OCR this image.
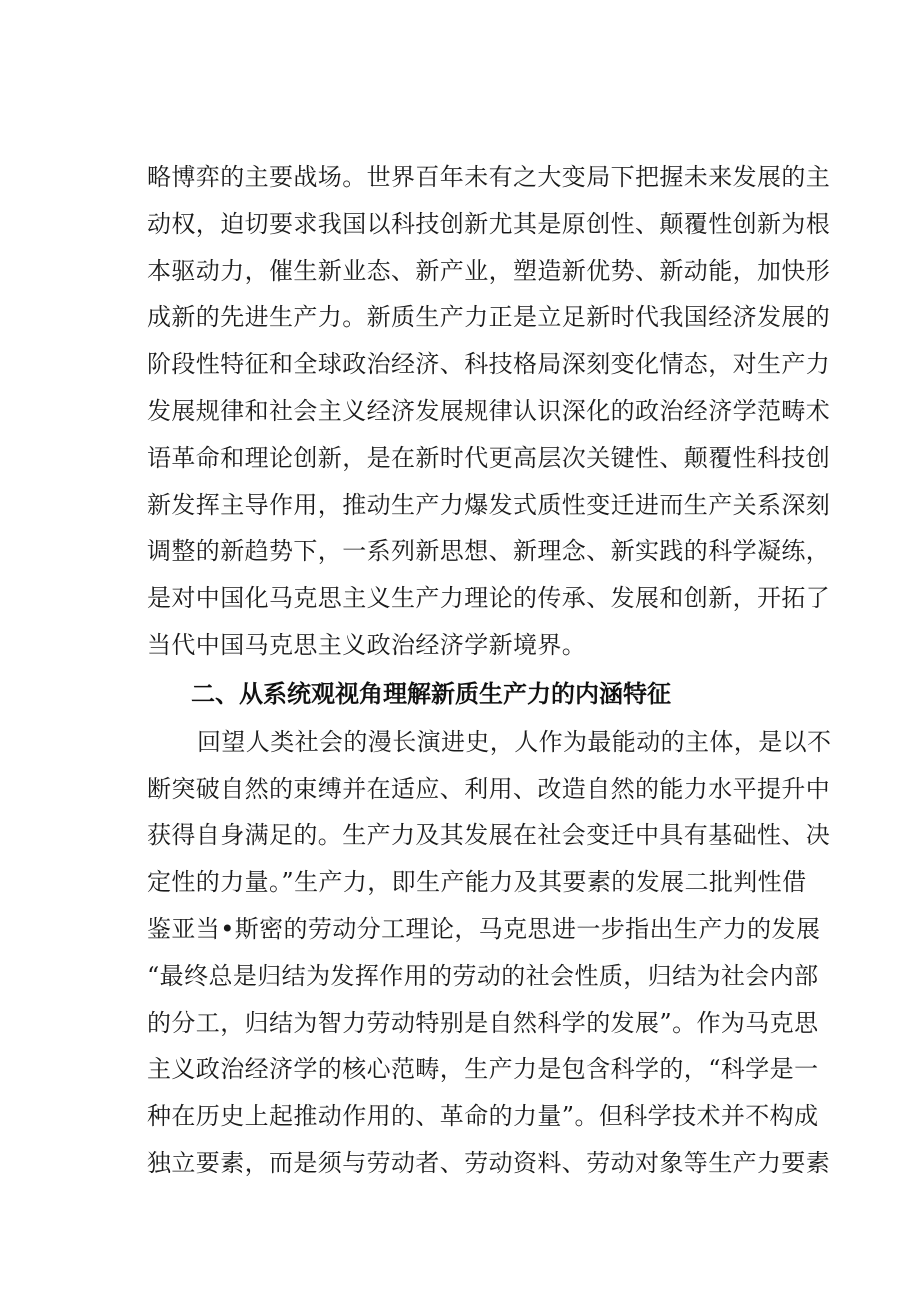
略博弈的主要战场。世界百年未有之大变局下把握未来发展的主
动权，迫切要求我国以科技创新尤其是原创性、颠覆性创新为根
本驱动力，催生新业态、新产业，塑造新优势、新动能，加快形
成新的先进生产力。新质生产力正是立足新时代我国经济发展的
阶段性特征和全球政治经济、科技格局深刻变化情态，对生产力
发展规律和社会主义经济发展规律认识深化的政治经济学范畴术
语革命和理论创新，是在新时代更高层次关键性、颠覆性科技创
新发挥主导作用，推动生产力爆发式质性变迁进而生产关系深刻
调整的新趋势下，一系列新思想、新理念、新实践的科学凝练，
是对中国化马克思主义生产力理论的传承、发展和创新，开拓了
当代中国马克思主义政治经济学新境界。
二、从系统观视角理解新质生产力的内涵特征
回望人类社会的漫长演进史，人作为最能动的主体，是以不
断突破自然的束缚并在适应、利用、改造自然的能力水平提升中
获得自身满足的。生产力及其发展在社会变迁中具有基础性、决
定性的力量。”生产力，即生产能力及其要素的发展二批判性借
鉴亚当•斯密的劳动分工理论，马克思进一步指出生产力的发展
“最终总是归结为发挥作用的劳动的社会性质，归结为社会内部
的分工，归结为智力劳动特别是自然科学的发展”。作为马克思
主义政治经济学的核心范畴，生产力是包含科学的，“科学是一
种在历史上起推动作用的、革命的力量”。但科学技术并不构成
独立要素，而是须与劳动者、劳动资料、劳动对象等生产力要素
